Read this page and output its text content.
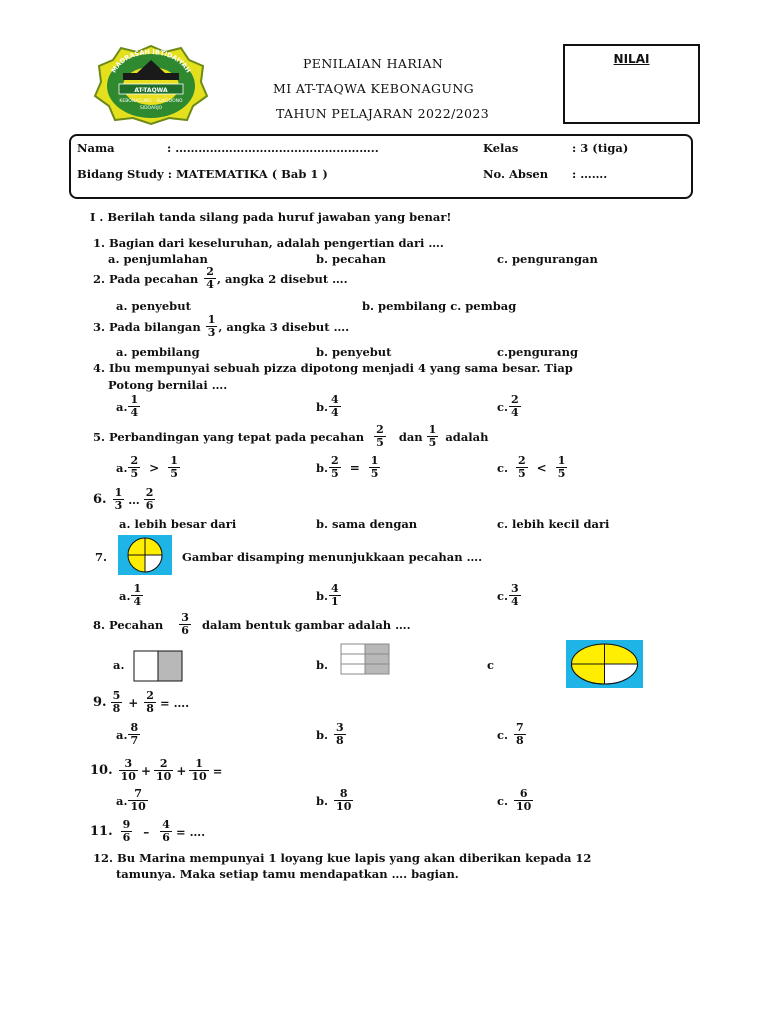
AT-TAQWA
MADRASAH IBTIDAIYAH
KEBONAGUNG - SUKODONO
SIDOARJO
PENILAIAN HARIAN
MI AT-TAQWA KEBONAGUNG
TAHUN PELAJARAN 2022/2023
NILAI
Nama	: ……………………………………………..	Kelas	: 3 (tiga)
Bidang Study : MATEMATIKA ( Bab 1 )	No. Absen : …….
I . Berilah tanda silang pada huruf jawaban yang benar!
1. Bagian dari keseluruhan, adalah pengertian dari ….
a. penjumlahan	b. pecahan	c. pengurangan
2. Pada pecahan $\frac{2}{4}$ , angka 2 disebut ….
a. penyebut	b. pembilang c. pembag
3. Pada bilangan $\frac{1}{3}$ , angka 3 disebut ….
a. pembilang	b. penyebut	c.pengurang
4. Ibu mempunyai sebuah pizza dipotong menjadi 4 yang sama besar. Tiap
Potong bernilai ….
a. $\frac{1}{4}$	b. $\frac{4}{4}$	c. $\frac{2}{4}$
5. Perbandingan yang tepat pada pecahan $\frac{2}{5}$ dan $\frac{1}{5}$ adalah
a. $\frac{2}{5} > \frac{1}{5}$	b. $\frac{2}{5} = \frac{1}{5}$	c. $\frac{2}{5} < \frac{1}{5}$
6. $\frac{1}{3}$ … $\frac{2}{6}$
a. lebih besar dari	b. sama dengan	c. lebih kecil dari
7.	Gambar disamping menunjukkaan pecahan ….
a. $\frac{1}{4}$	b. $\frac{4}{1}$	c. $\frac{3}{4}$
8. Pecahan $\frac{3}{6}$ dalam bentuk gambar adalah ….
a.	b.	c
9. $\frac{5}{8} + \frac{2}{8}$ = ….
a. $\frac{8}{7}$	b. $\frac{3}{8}$	c. $\frac{7}{8}$
10. $\frac{3}{10} + \frac{2}{10} + \frac{1}{10}$ =
a. $\frac{7}{10}$	b. $\frac{8}{10}$	c. $\frac{6}{10}$
11. $\frac{9}{6} - \frac{4}{6}$ = ….
12. Bu Marina mempunyai 1 loyang kue lapis yang akan diberikan kepada 12
tamunya. Maka setiap tamu mendapatkan …. bagian.
